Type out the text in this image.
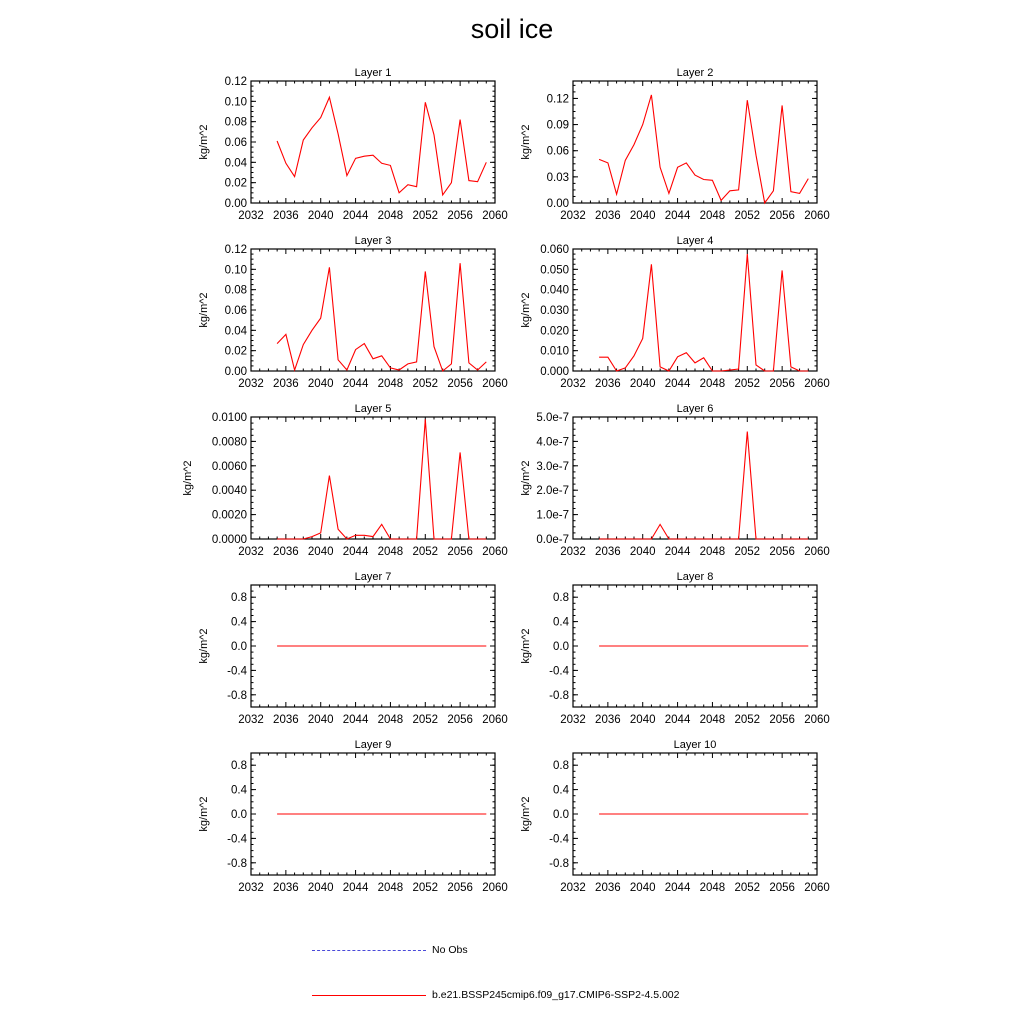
soil ice
Layer 1
2032 2036 2040 2044 2048 2052 2056 2060
0.00
0.02
0.04
0.06
0.08
0.10
0.12
kg/m^2
Layer 2
2032 2036 2040 2044 2048 2052 2056 2060
0.00
0.03
0.06
0.09
0.12
kg/m^2
Layer 3
2032 2036 2040 2044 2048 2052 2056 2060
0.00
0.02
0.04
0.06
0.08
0.10
0.12
kg/m^2
Layer 4
2032 2036 2040 2044 2048 2052 2056 2060
0.000
0.010
0.020
0.030
0.040
0.050
0.060
kg/m^2
Layer 5
2032 2036 2040 2044 2048 2052 2056 2060
0.0000
0.0020
0.0040
0.0060
0.0080
0.0100
kg/m^2
Layer 6
2032 2036 2040 2044 2048 2052 2056 2060
0.0e-7
1.0e-7
2.0e-7
3.0e-7
4.0e-7
5.0e-7
kg/m^2
Layer 7
2032 2036 2040 2044 2048 2052 2056 2060
-0.8
-0.4
0.0
0.4
0.8
kg/m^2
Layer 8
2032 2036 2040 2044 2048 2052 2056 2060
-0.8
-0.4
0.0
0.4
0.8
kg/m^2
Layer 9
2032 2036 2040 2044 2048 2052 2056 2060
-0.8
-0.4
0.0
0.4
0.8
kg/m^2
Layer 10
2032 2036 2040 2044 2048 2052 2056 2060
-0.8
-0.4
0.0
0.4
0.8
kg/m^2
No Obs
b.e21.BSSP245cmip6.f09_g17.CMIP6-SSP2-4.5.002
